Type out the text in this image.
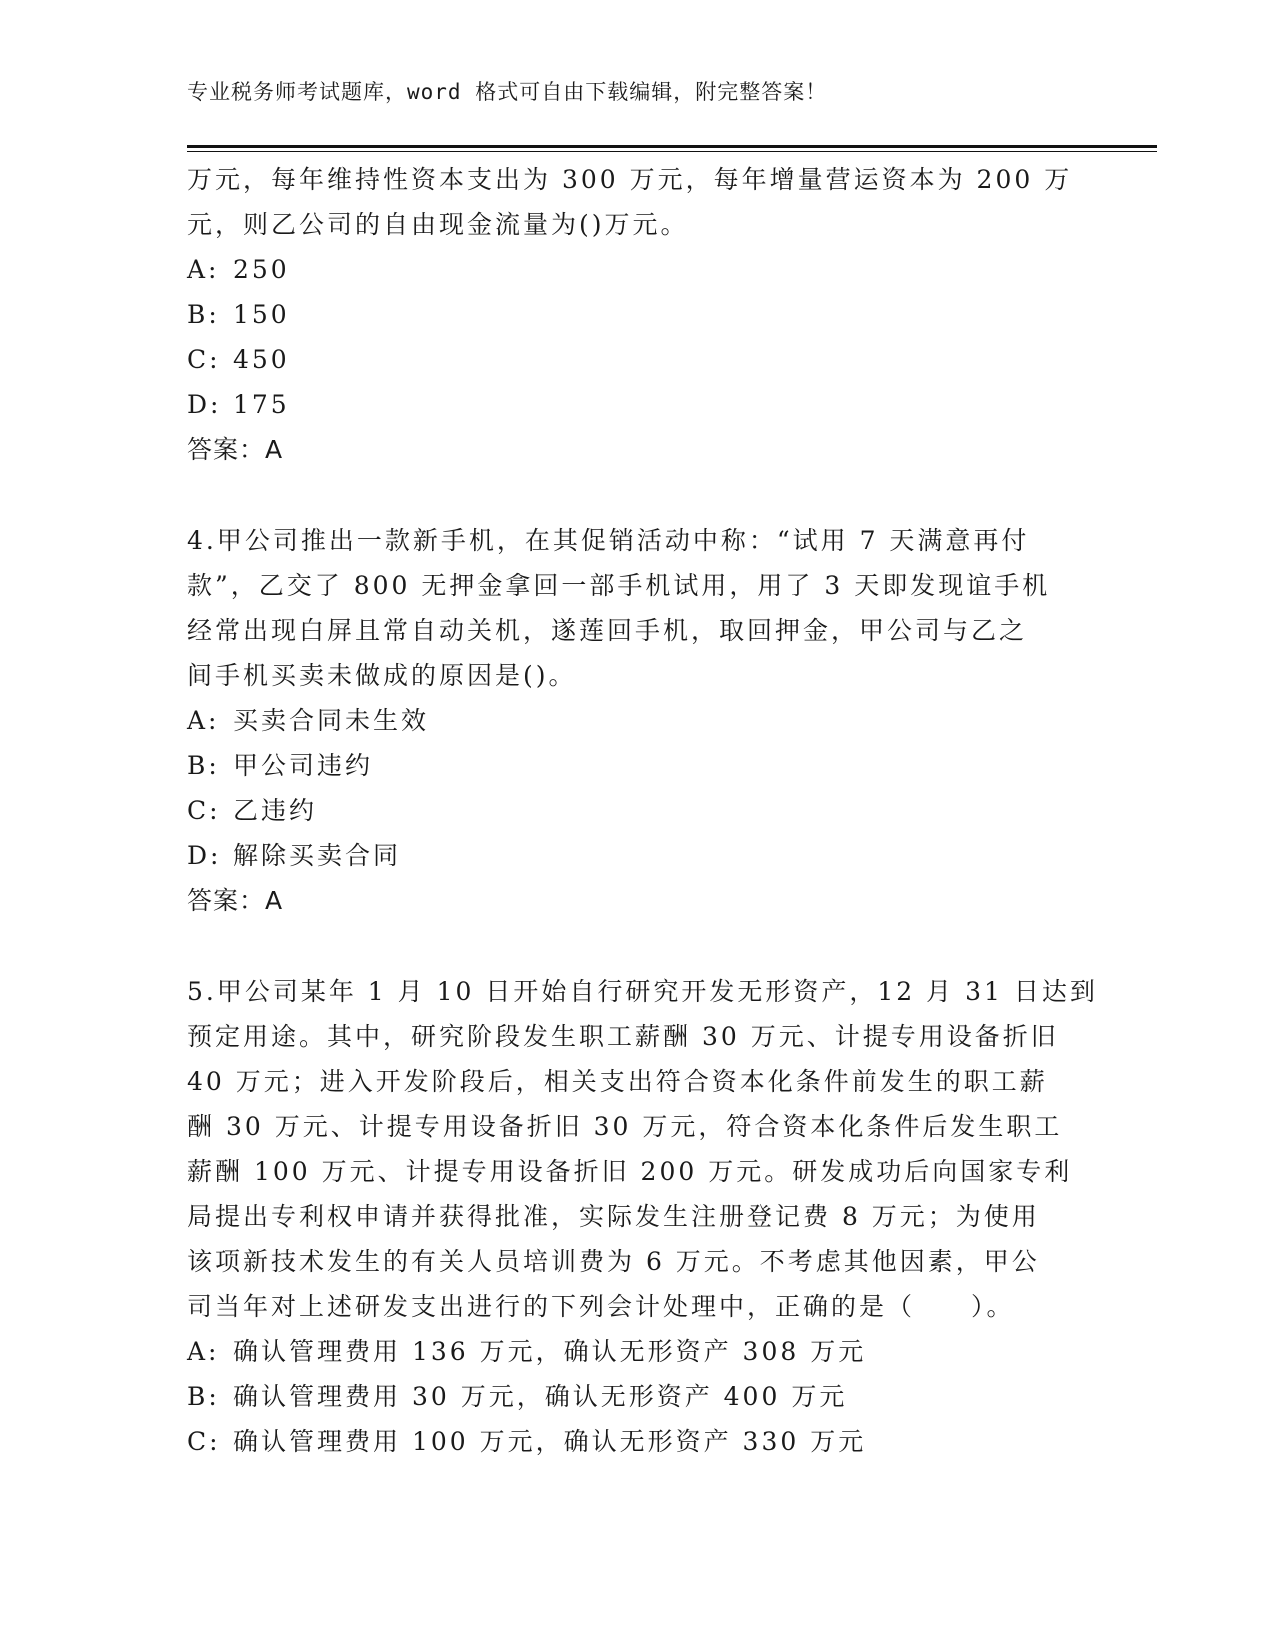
专业税务师考试题库，word 格式可自由下载编辑，附完整答案！
万元，每年维持性资本支出为 300 万元，每年增量营运资本为 200 万
元，则乙公司的自由现金流量为()万元。
A: 250
B: 150
C: 450
D: 175
答案：A
4.甲公司推出一款新手机，在其促销活动中称：“试用 7 天满意再付
款”，乙交了 800 无押金拿回一部手机试用，用了 3 天即发现谊手机
经常出现白屏且常自动关机，遂莲回手机，取回押金，甲公司与乙之
间手机买卖未做成的原因是()。
A: 买卖合同未生效
B: 甲公司违约
C: 乙违约
D: 解除买卖合同
答案：A
5.甲公司某年 1 月 10 日开始自行研究开发无形资产，12 月 31 日达到
预定用途。其中，研究阶段发生职工薪酬 30 万元、计提专用设备折旧
40 万元；进入开发阶段后，相关支出符合资本化条件前发生的职工薪
酬 30 万元、计提专用设备折旧 30 万元，符合资本化条件后发生职工
薪酬 100 万元、计提专用设备折旧 200 万元。研发成功后向国家专利
局提出专利权申请并获得批准，实际发生注册登记费 8 万元；为使用
该项新技术发生的有关人员培训费为 6 万元。不考虑其他因素，甲公
司当年对上述研发支出进行的下列会计处理中，正确的是（　　）。
A: 确认管理费用 136 万元，确认无形资产 308 万元
B: 确认管理费用 30 万元，确认无形资产 400 万元
C: 确认管理费用 100 万元，确认无形资产 330 万元
